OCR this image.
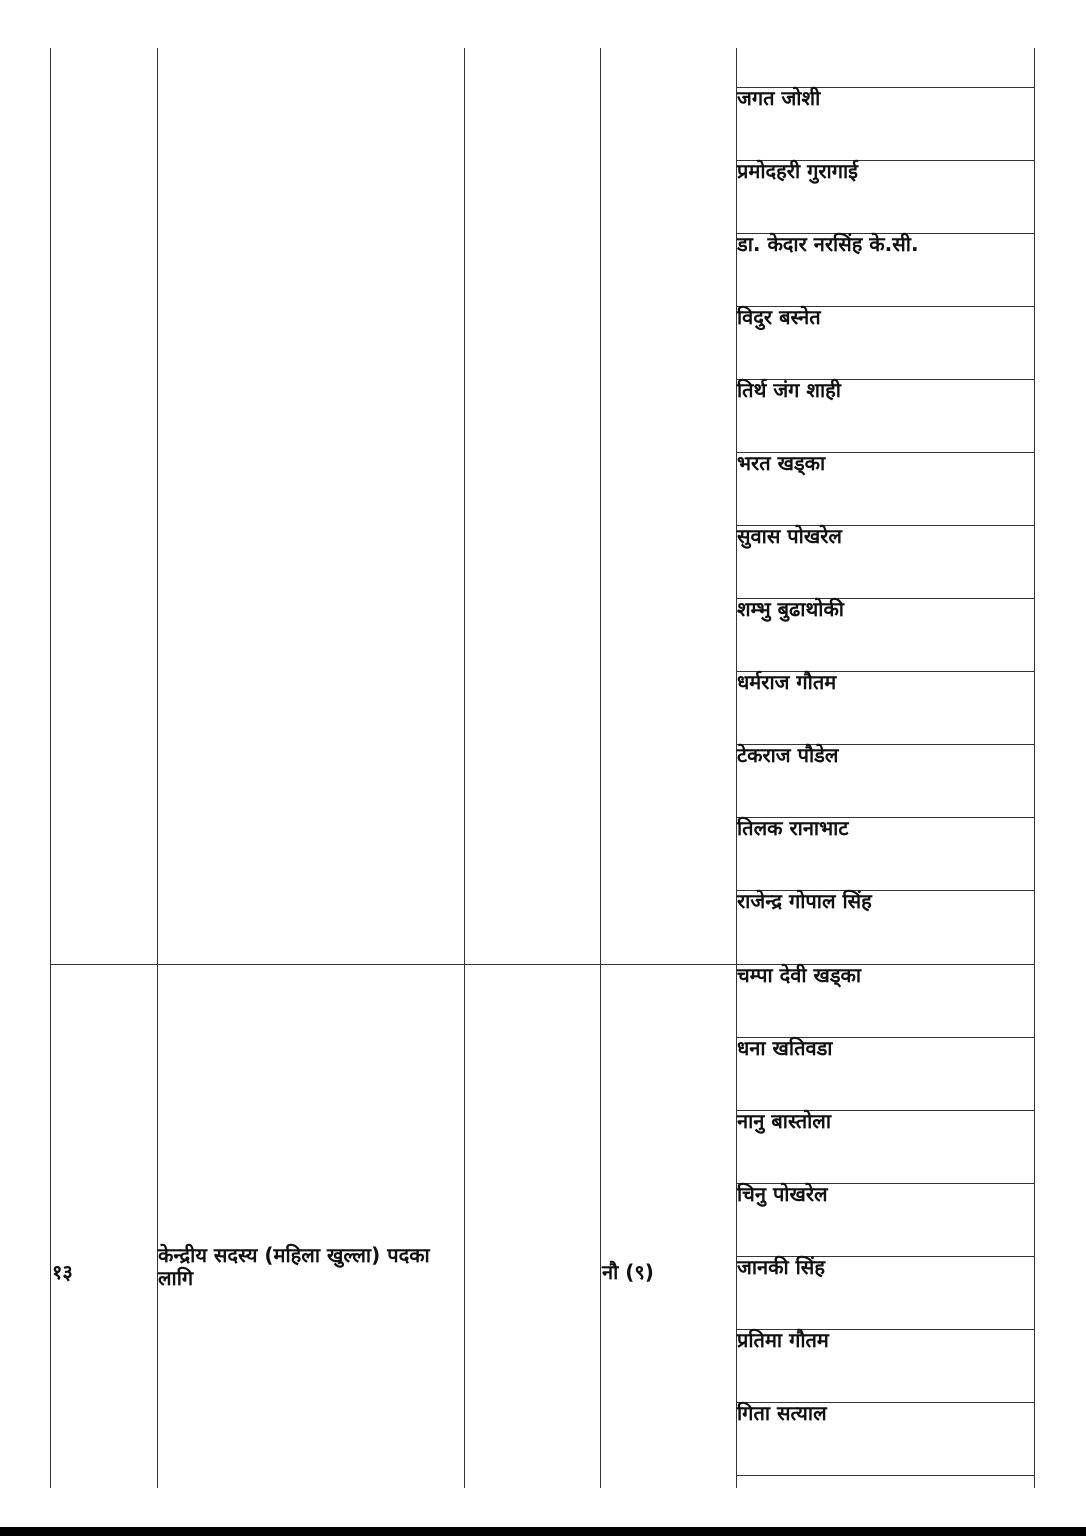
जगत जोशी
प्रमोदहरी गुरागाई
डा. केदार नरसिंह के.सी.
विदुर बस्नेत
तिर्थ जंग शाही
भरत खड्का
सुवास पोखरेल
शम्भु बुढाथोकी
धर्मराज गौतम
टेकराज पौडेल
तिलक रानाभाट
राजेन्द्र गोपाल सिंह
१३
केन्द्रीय सदस्य (महिला खुल्ला) पदका लागि	नौ (९)
चम्पा देवी खड्का
धना खतिवडा
नानु बास्तोला
चिनु पोखरेल
जानकी सिंह
प्रतिमा गौतम
गिता सत्याल
